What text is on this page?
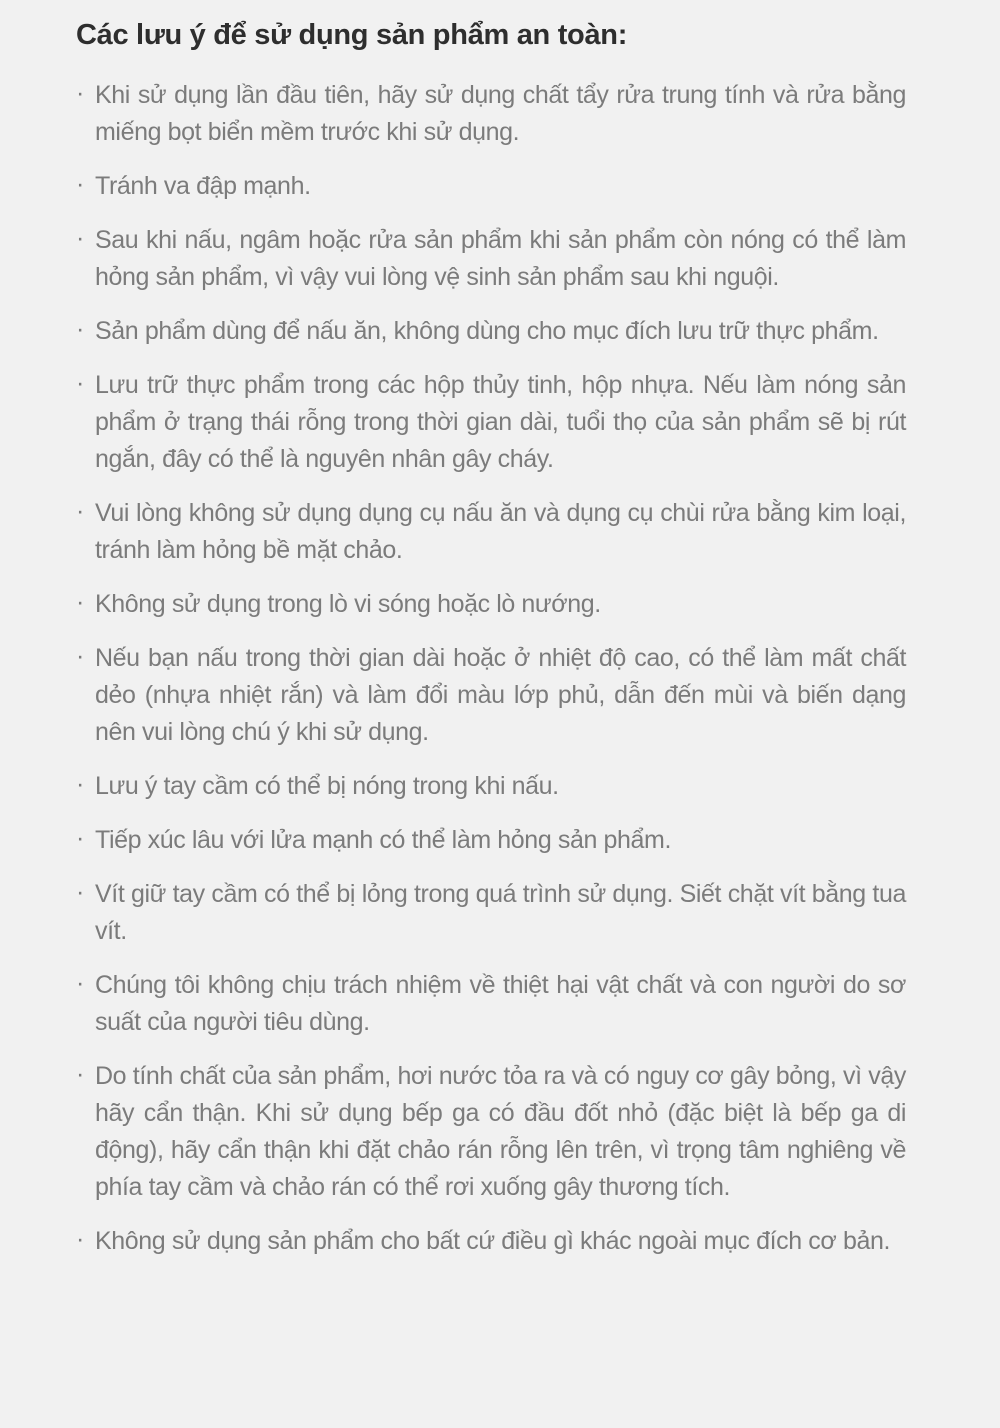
Các lưu ý để sử dụng sản phẩm an toàn:
· Khi sử dụng lần đầu tiên, hãy sử dụng chất tẩy rửa trung tính và rửa bằng miếng bọt biển mềm trước khi sử dụng.
· Tránh va đập mạnh.
· Sau khi nấu, ngâm hoặc rửa sản phẩm khi sản phẩm còn nóng có thể làm hỏng sản phẩm, vì vậy vui lòng vệ sinh sản phẩm sau khi nguội.
· Sản phẩm dùng để nấu ăn, không dùng cho mục đích lưu trữ thực phẩm.
· Lưu trữ thực phẩm trong các hộp thủy tinh, hộp nhựa. Nếu làm nóng sản phẩm ở trạng thái rỗng trong thời gian dài, tuổi thọ của sản phẩm sẽ bị rút ngắn, đây có thể là nguyên nhân gây cháy.
· Vui lòng không sử dụng dụng cụ nấu ăn và dụng cụ chùi rửa bằng kim loại, tránh làm hỏng bề mặt chảo.
· Không sử dụng trong lò vi sóng hoặc lò nướng.
· Nếu bạn nấu trong thời gian dài hoặc ở nhiệt độ cao, có thể làm mất chất dẻo (nhựa nhiệt rắn) và làm đổi màu lớp phủ, dẫn đến mùi và biến dạng nên vui lòng chú ý khi sử dụng.
· Lưu ý tay cầm có thể bị nóng trong khi nấu.
· Tiếp xúc lâu với lửa mạnh có thể làm hỏng sản phẩm.
· Vít giữ tay cầm có thể bị lỏng trong quá trình sử dụng. Siết chặt vít bằng tua vít.
· Chúng tôi không chịu trách nhiệm về thiệt hại vật chất và con người do sơ suất của người tiêu dùng.
· Do tính chất của sản phẩm, hơi nước tỏa ra và có nguy cơ gây bỏng, vì vậy hãy cẩn thận. Khi sử dụng bếp ga có đầu đốt nhỏ (đặc biệt là bếp ga di động), hãy cẩn thận khi đặt chảo rán rỗng lên trên, vì trọng tâm nghiêng về phía tay cầm và chảo rán có thể rơi xuống gây thương tích.
· Không sử dụng sản phẩm cho bất cứ điều gì khác ngoài mục đích cơ bản.
